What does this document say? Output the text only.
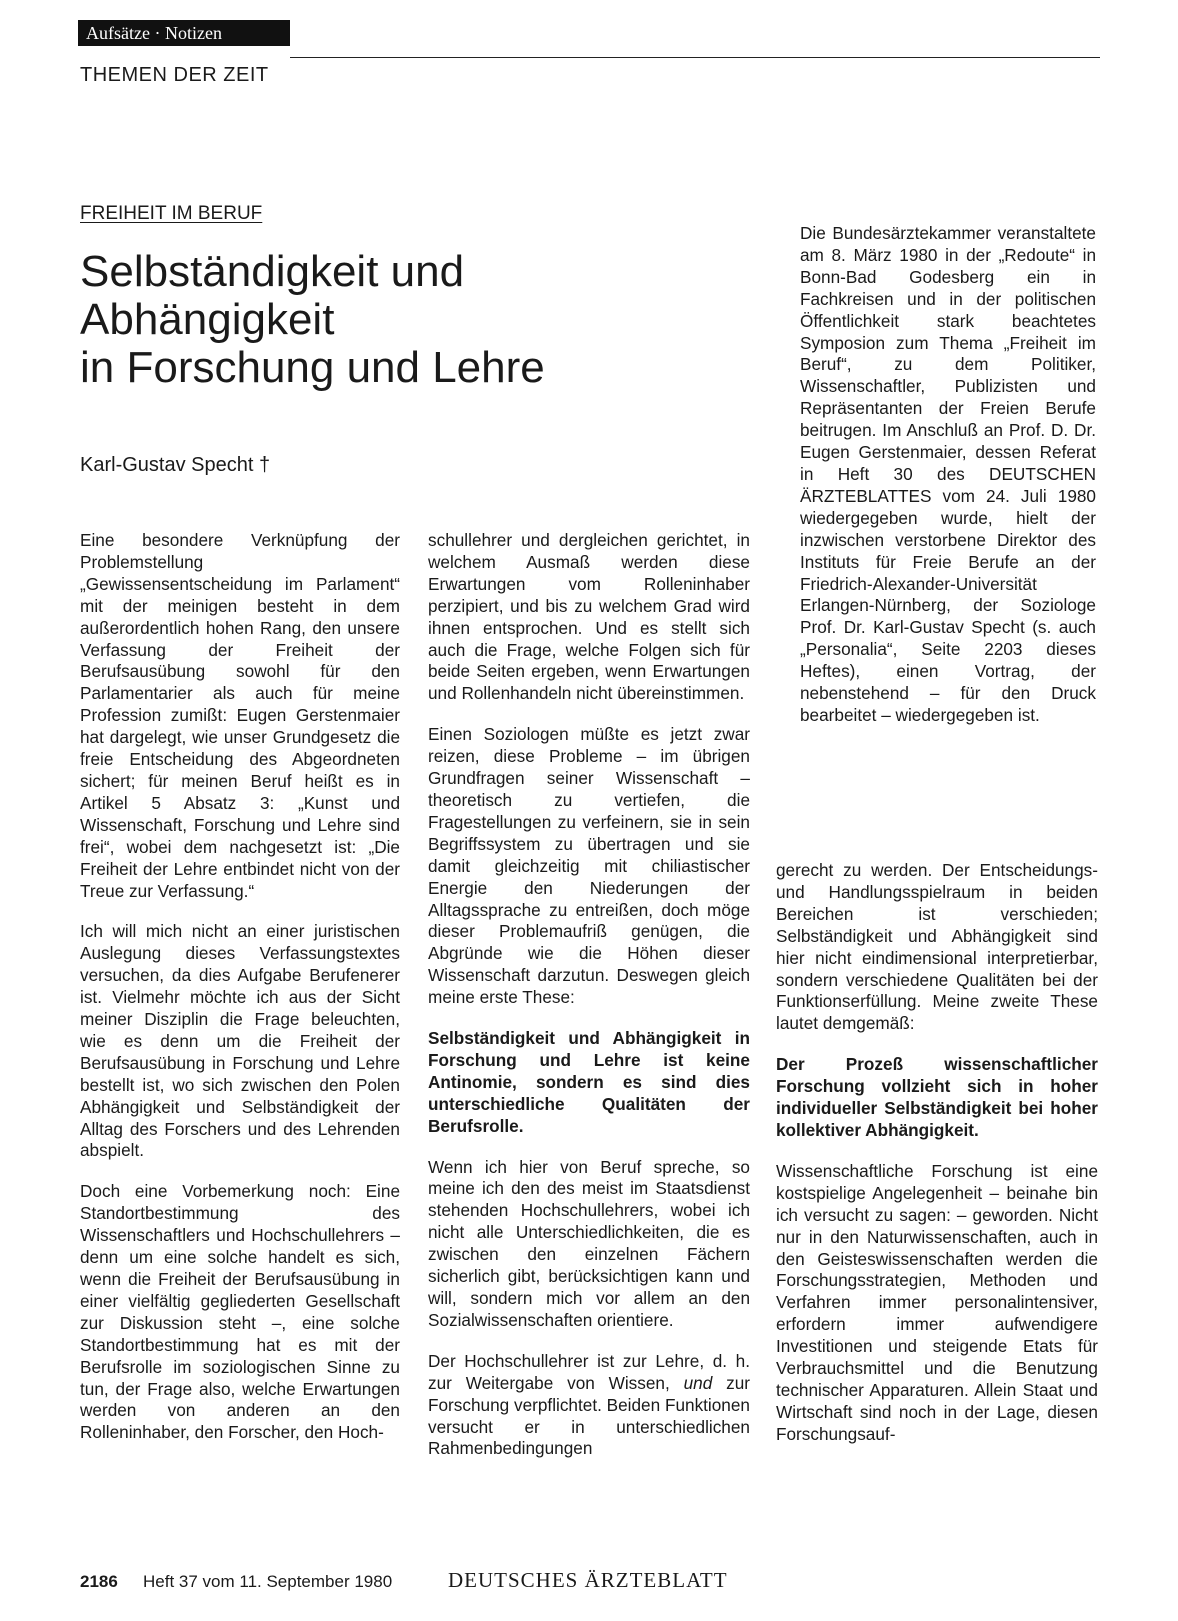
Aufsätze · Notizen
THEMEN DER ZEIT
FREIHEIT IM BERUF
Selbständigkeit und
Abhängigkeit
in Forschung und Lehre
Karl-Gustav Specht †

Die Bundesärztekammer veranstaltete am 8. März 1980 in der „Redoute“ in Bonn-Bad Godesberg ein in Fachkreisen und in der politischen Öffentlichkeit stark beachtetes Symposion zum Thema „Freiheit im Beruf“, zu dem Politiker, Wissenschaftler, Publizisten und Repräsentanten der Freien Berufe beitrugen. Im Anschluß an Prof. D. Dr. Eugen Gerstenmaier, dessen Referat in Heft 30 des DEUTSCHEN ÄRZTEBLATTES vom 24. Juli 1980 wiedergegeben wurde, hielt der inzwischen verstorbene Direktor des Instituts für Freie Berufe an der Friedrich-Alexander-Universität Erlangen-Nürnberg, der Soziologe Prof. Dr. Karl-Gustav Specht (s. auch „Personalia“, Seite 2203 dieses Heftes), einen Vortrag, der nebenstehend – für den Druck bearbeitet – wiedergegeben ist.

Eine besondere Verknüpfung der Problemstellung „Gewissensentscheidung im Parlament“ mit der meinigen besteht in dem außerordentlich hohen Rang, den unsere Verfassung der Freiheit der Berufsausübung sowohl für den Parlamentarier als auch für meine Profession zumißt: Eugen Gerstenmaier hat dargelegt, wie unser Grundgesetz die freie Entscheidung des Abgeordneten sichert; für meinen Beruf heißt es in Artikel 5 Absatz 3: „Kunst und Wissenschaft, Forschung und Lehre sind frei“, wobei dem nachgesetzt ist: „Die Freiheit der Lehre entbindet nicht von der Treue zur Verfassung.“

Ich will mich nicht an einer juristischen Auslegung dieses Verfassungstextes versuchen, da dies Aufgabe Berufenerer ist. Vielmehr möchte ich aus der Sicht meiner Disziplin die Frage beleuchten, wie es denn um die Freiheit der Berufsausübung in Forschung und Lehre bestellt ist, wo sich zwischen den Polen Abhängigkeit und Selbständigkeit der Alltag des Forschers und des Lehrenden abspielt.

Doch eine Vorbemerkung noch: Eine Standortbestimmung des Wissenschaftlers und Hochschullehrers – denn um eine solche handelt es sich, wenn die Freiheit der Berufsausübung in einer vielfältig gegliederten Gesellschaft zur Diskussion steht –, eine solche Standortbestimmung hat es mit der Berufsrolle im soziologischen Sinne zu tun, der Frage also, welche Erwartungen werden von anderen an den Rolleninhaber, den Forscher, den Hoch-

schullehrer und dergleichen gerichtet, in welchem Ausmaß werden diese Erwartungen vom Rolleninhaber perzipiert, und bis zu welchem Grad wird ihnen entsprochen. Und es stellt sich auch die Frage, welche Folgen sich für beide Seiten ergeben, wenn Erwartungen und Rollenhandeln nicht übereinstimmen.

Einen Soziologen müßte es jetzt zwar reizen, diese Probleme – im übrigen Grundfragen seiner Wissenschaft – theoretisch zu vertiefen, die Fragestellungen zu verfeinern, sie in sein Begriffssystem zu übertragen und sie damit gleichzeitig mit chiliastischer Energie den Niederungen der Alltagssprache zu entreißen, doch möge dieser Problemaufriß genügen, die Abgründe wie die Höhen dieser Wissenschaft darzutun. Deswegen gleich meine erste These:

Selbständigkeit und Abhängigkeit in Forschung und Lehre ist keine Antinomie, sondern es sind dies unterschiedliche Qualitäten der Berufsrolle.

Wenn ich hier von Beruf spreche, so meine ich den des meist im Staatsdienst stehenden Hochschullehrers, wobei ich nicht alle Unterschiedlichkeiten, die es zwischen den einzelnen Fächern sicherlich gibt, berücksichtigen kann und will, sondern mich vor allem an den Sozialwissenschaften orientiere.

Der Hochschullehrer ist zur Lehre, d. h. zur Weitergabe von Wissen, und zur Forschung verpflichtet. Beiden Funktionen versucht er in unterschiedlichen Rahmenbedingungen

gerecht zu werden. Der Entscheidungs- und Handlungsspielraum in beiden Bereichen ist verschieden; Selbständigkeit und Abhängigkeit sind hier nicht eindimensional interpretierbar, sondern verschiedene Qualitäten bei der Funktionserfüllung. Meine zweite These lautet demgemäß:

Der Prozeß wissenschaftlicher Forschung vollzieht sich in hoher individueller Selbständigkeit bei hoher kollektiver Abhängigkeit.

Wissenschaftliche Forschung ist eine kostspielige Angelegenheit – beinahe bin ich versucht zu sagen: – geworden. Nicht nur in den Naturwissenschaften, auch in den Geisteswissenschaften werden die Forschungsstrategien, Methoden und Verfahren immer personalintensiver, erfordern immer aufwendigere Investitionen und steigende Etats für Verbrauchsmittel und die Benutzung technischer Apparaturen. Allein Staat und Wirtschaft sind noch in der Lage, diesen Forschungsauf-

2186 Heft 37 vom 11. September 1980	DEUTSCHES ÄRZTEBLATT
